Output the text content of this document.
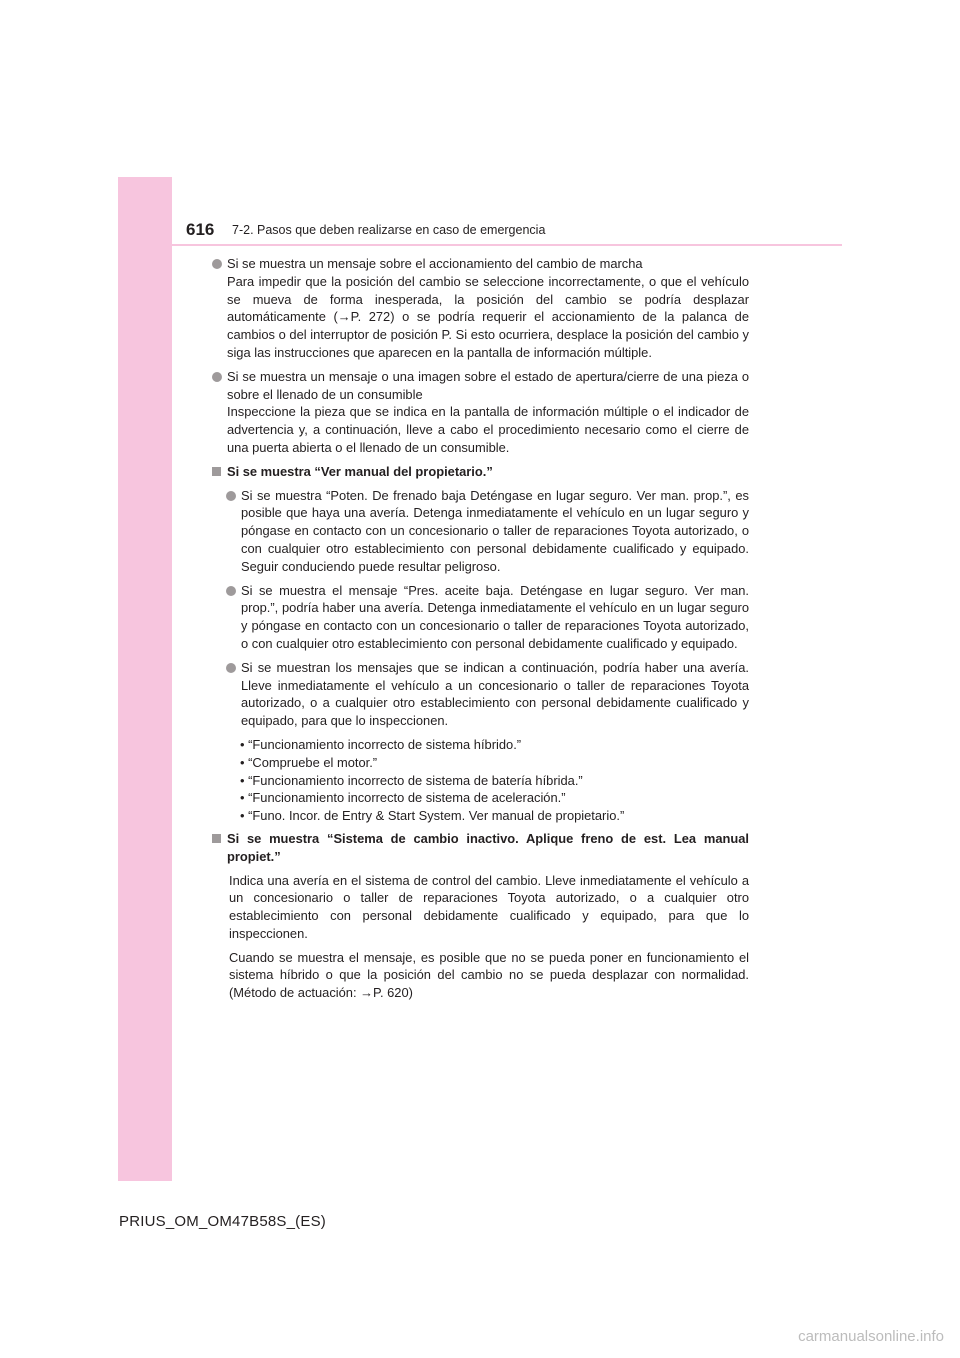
616 7-2. Pasos que deben realizarse en caso de emergencia
Si se muestra un mensaje sobre el accionamiento del cambio de marcha
Para impedir que la posición del cambio se seleccione incorrectamente, o que el vehículo se mueva de forma inesperada, la posición del cambio se podría desplazar automáticamente (→P. 272) o se podría requerir el accionamiento de la palanca de cambios o del interruptor de posición P. Si esto ocurriera, desplace la posición del cambio y siga las instrucciones que aparecen en la pantalla de información múltiple.
Si se muestra un mensaje o una imagen sobre el estado de apertura/cierre de una pieza o sobre el llenado de un consumible
Inspeccione la pieza que se indica en la pantalla de información múltiple o el indicador de advertencia y, a continuación, lleve a cabo el procedimiento necesario como el cierre de una puerta abierta o el llenado de un consumible.
Si se muestra “Ver manual del propietario.”
Si se muestra “Poten. De frenado baja Deténgase en lugar seguro. Ver man. prop.”, es posible que haya una avería. Detenga inmediatamente el vehículo en un lugar seguro y póngase en contacto con un concesionario o taller de reparaciones Toyota autorizado, o con cualquier otro establecimiento con personal debidamente cualificado y equipado. Seguir conduciendo puede resultar peligroso.
Si se muestra el mensaje “Pres. aceite baja. Deténgase en lugar seguro. Ver man. prop.”, podría haber una avería. Detenga inmediatamente el vehículo en un lugar seguro y póngase en contacto con un concesionario o taller de reparaciones Toyota autorizado, o con cualquier otro establecimiento con personal debidamente cualificado y equipado.
Si se muestran los mensajes que se indican a continuación, podría haber una avería. Lleve inmediatamente el vehículo a un concesionario o taller de reparaciones Toyota autorizado, o a cualquier otro establecimiento con personal debidamente cualificado y equipado, para que lo inspeccionen.
• “Funcionamiento incorrecto de sistema híbrido.”
• “Compruebe el motor.”
• “Funcionamiento incorrecto de sistema de batería híbrida.”
• “Funcionamiento incorrecto de sistema de aceleración.”
• “Funo. Incor. de Entry & Start System. Ver manual de propietario.”
Si se muestra “Sistema de cambio inactivo. Aplique freno de est. Lea manual propiet.”
Indica una avería en el sistema de control del cambio. Lleve inmediatamente el vehículo a un concesionario o taller de reparaciones Toyota autorizado, o a cualquier otro establecimiento con personal debidamente cualificado y equipado, para que lo inspeccionen.
Cuando se muestra el mensaje, es posible que no se pueda poner en funcionamiento el sistema híbrido o que la posición del cambio no se pueda desplazar con normalidad. (Método de actuación: →P. 620)
PRIUS_OM_OM47B58S_(ES)
carmanualsonline.info
